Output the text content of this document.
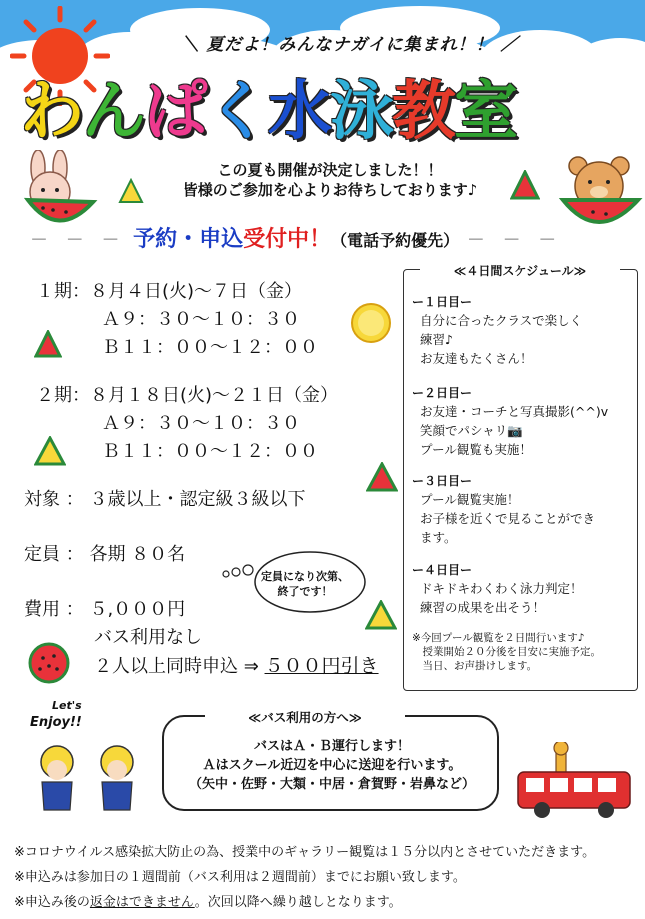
＼ 夏だよ！みんなナガイに集まれ！！ ／
わんぱく水泳教室
この夏も開催が決定しました！！
皆様のご参加を心よりお待ちしております♪
－ － － 予約・申込受付中！（電話予約優先） － － －
１期：８月４日(火)～７日（金）
Ａ９：３０～１０：３０
Ｂ１１：００～１２：００
２期：８月１８日(火)～２１日（金）
Ａ９：３０～１０：３０
Ｂ１１：００～１２：００
対象 ： ３歳以上・認定級３級以下
定員 ： 各期 ８０名
定員になり次第、
終了です！
費用 ： ５,０００円
バス利用なし
２人以上同時申込 ⇒ ５００円引き
≪４日間スケジュール≫
ー１日目ー
自分に合ったクラスで楽しく
練習♪
お友達もたくさん！
ー２日目ー
お友達・コーチと写真撮影(^^)v
笑顔でパシャリ📷
プール観覧も実施！
ー３日目ー
プール観覧実施！
お子様を近くで見ることができ
ます。
ー４日目ー
ドキドキわくわく泳力判定！
練習の成果を出そう！
※今回プール観覧を２日間行います♪
　授業開始２０分後を目安に実施予定。
　当日、お声掛けします。
Let's
Enjoy!!	≪バス利用の方へ≫
バスはＡ・Ｂ運行します！
Ａはスクール近辺を中心に送迎を行います。
（矢中・佐野・大類・中居・倉賀野・岩鼻など）
※コロナウイルス感染拡大防止の為、授業中のギャラリー観覧は１５分以内とさせていただきます。
※申込みは参加日の１週間前（バス利用は２週間前）までにお願い致します。
※申込み後の返金はできません。次回以降へ繰り越しとなります。
